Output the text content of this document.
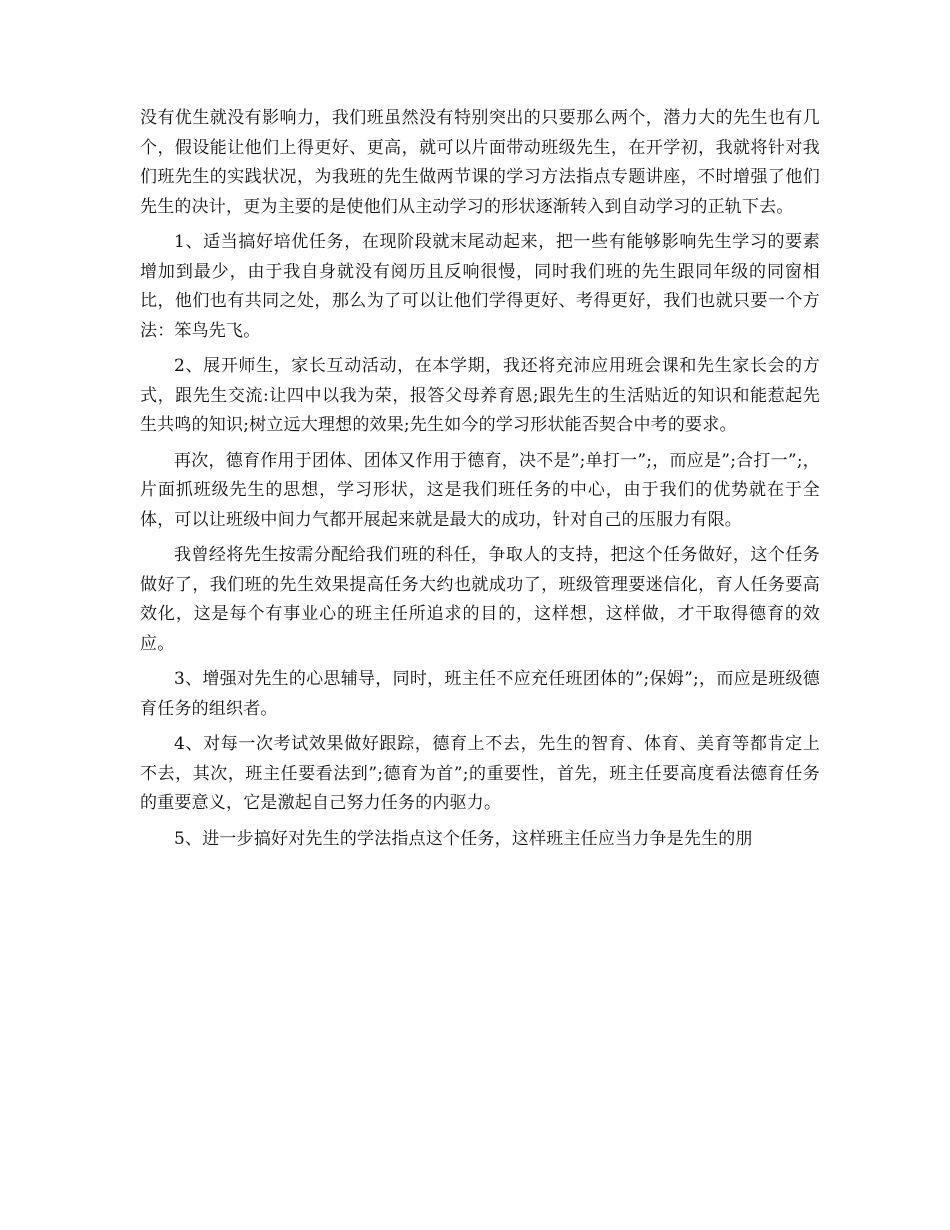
没有优生就没有影响力，我们班虽然没有特别突出的只要那么两个，潜力大的先生也有几个，假设能让他们上得更好、更高，就可以片面带动班级先生，在开学初，我就将针对我们班先生的实践状况，为我班的先生做两节课的学习方法指点专题讲座，不时增强了他们先生的决计，更为主要的是使他们从主动学习的形状逐渐转入到自动学习的正轨下去。

1、适当搞好培优任务，在现阶段就末尾动起来，把一些有能够影响先生学习的要素增加到最少，由于我自身就没有阅历且反响很慢，同时我们班的先生跟同年级的同窗相比，他们也有共同之处，那么为了可以让他们学得更好、考得更好，我们也就只要一个方法：笨鸟先飞。

2、展开师生，家长互动活动，在本学期，我还将充沛应用班会课和先生家长会的方式，跟先生交流:让四中以我为荣，报答父母养育恩;跟先生的生活贴近的知识和能惹起先生共鸣的知识;树立远大理想的效果;先生如今的学习形状能否契合中考的要求。

再次，德育作用于团体、团体又作用于德育，决不是”;单打一”;，而应是”;合打一”;，片面抓班级先生的思想，学习形状，这是我们班任务的中心，由于我们的优势就在于全体，可以让班级中间力气都开展起来就是最大的成功，针对自己的压服力有限。

我曾经将先生按需分配给我们班的科任，争取人的支持，把这个任务做好，这个任务做好了，我们班的先生效果提高任务大约也就成功了，班级管理要迷信化，育人任务要高效化，这是每个有事业心的班主任所追求的目的，这样想，这样做，才干取得德育的效应。

3、增强对先生的心思辅导，同时，班主任不应充任班团体的”;保姆”;，而应是班级德育任务的组织者。

4、对每一次考试效果做好跟踪，德育上不去，先生的智育、体育、美育等都肯定上不去，其次，班主任要看法到”;德育为首”;的重要性，首先，班主任要高度看法德育任务的重要意义，它是激起自己努力任务的内驱力。

5、进一步搞好对先生的学法指点这个任务，这样班主任应当力争是先生的朋
